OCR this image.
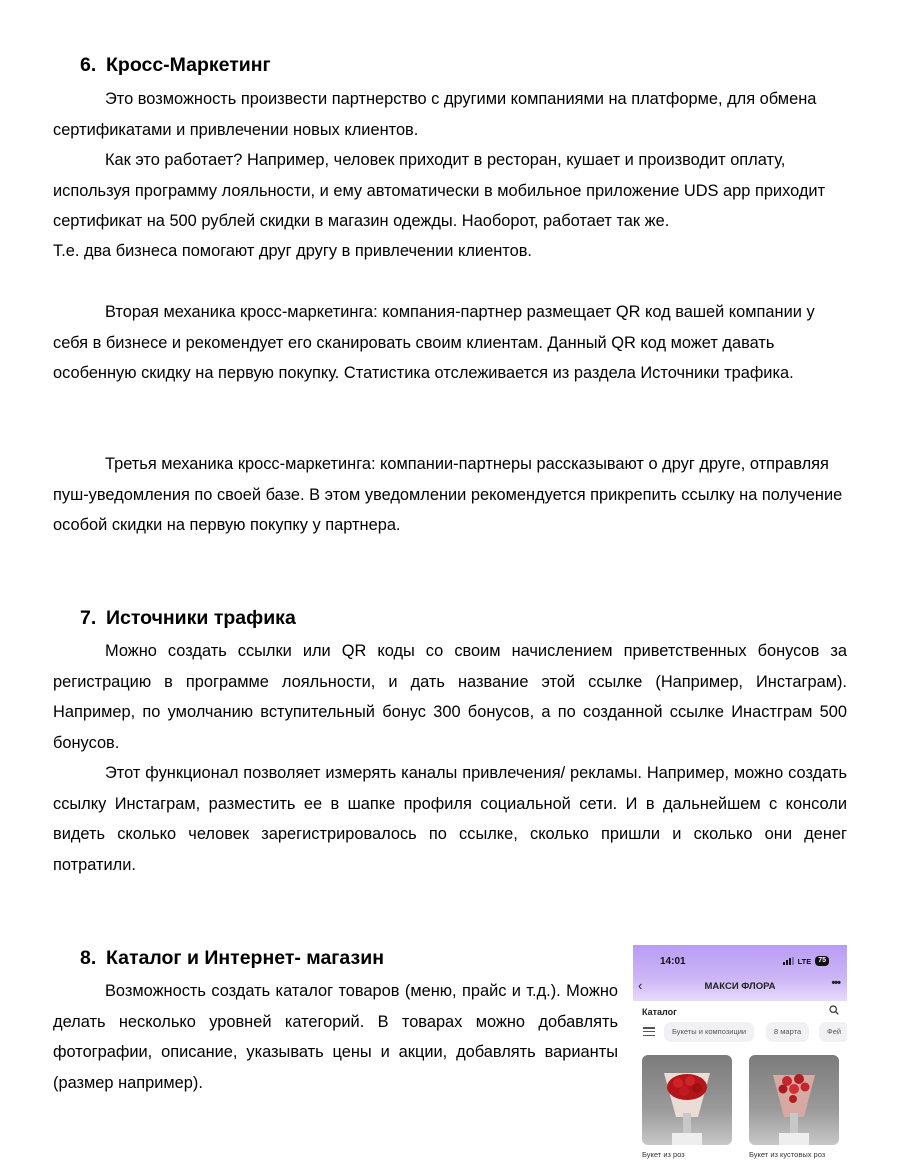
6. Кросс-Маркетинг

Это возможность произвести партнерство с другими компаниями на платформе, для обмена сертификатами и привлечении новых клиентов.

Как это работает? Например, человек приходит в ресторан, кушает и производит оплату, используя программу лояльности, и ему автоматически в мобильное приложение UDS app приходит сертификат на 500 рублей скидки в магазин одежды. Наоборот, работает так же.

Т.е. два бизнеса помогают друг другу в привлечении клиентов.

Вторая механика кросс-маркетинга: компания-партнер размещает QR код вашей компании у себя в бизнесе и рекомендует его сканировать своим клиентам. Данный QR код может давать особенную скидку на первую покупку. Статистика отслеживается из раздела Источники трафика.

Третья механика кросс-маркетинга: компании-партнеры рассказывают о друг друге, отправляя пуш-уведомления по своей базе. В этом уведомлении рекомендуется прикрепить ссылку на получение особой скидки на первую покупку у партнера.

7. Источники трафика

Можно создать ссылки или QR коды со своим начислением приветственных бонусов за регистрацию в программе лояльности, и дать название этой ссылке (Например, Инстаграм). Например, по умолчанию вступительный бонус 300 бонусов, а по созданной ссылке Инастграм 500 бонусов.

Этот функционал позволяет измерять каналы привлечения/ рекламы. Например, можно создать ссылку Инстаграм, разместить ее в шапке профиля социальной сети. И в дальнейшем с консоли видеть сколько человек зарегистрировалось по ссылке, сколько пришли и сколько они денег потратили.

8. Каталог и Интернет- магазин

Возможность создать каталог товаров (меню, прайс и т.д.). Можно делать несколько уровней категорий. В товарах можно добавлять фотографии, описание, указывать цены и акции, добавлять варианты (размер например).

14:01	LTE	75
‹	МАКСИ ФЛОРА	•••
Каталог
Букеты и композиции	8 марта	Фей
Букет из роз	Букет из кустовых роз
